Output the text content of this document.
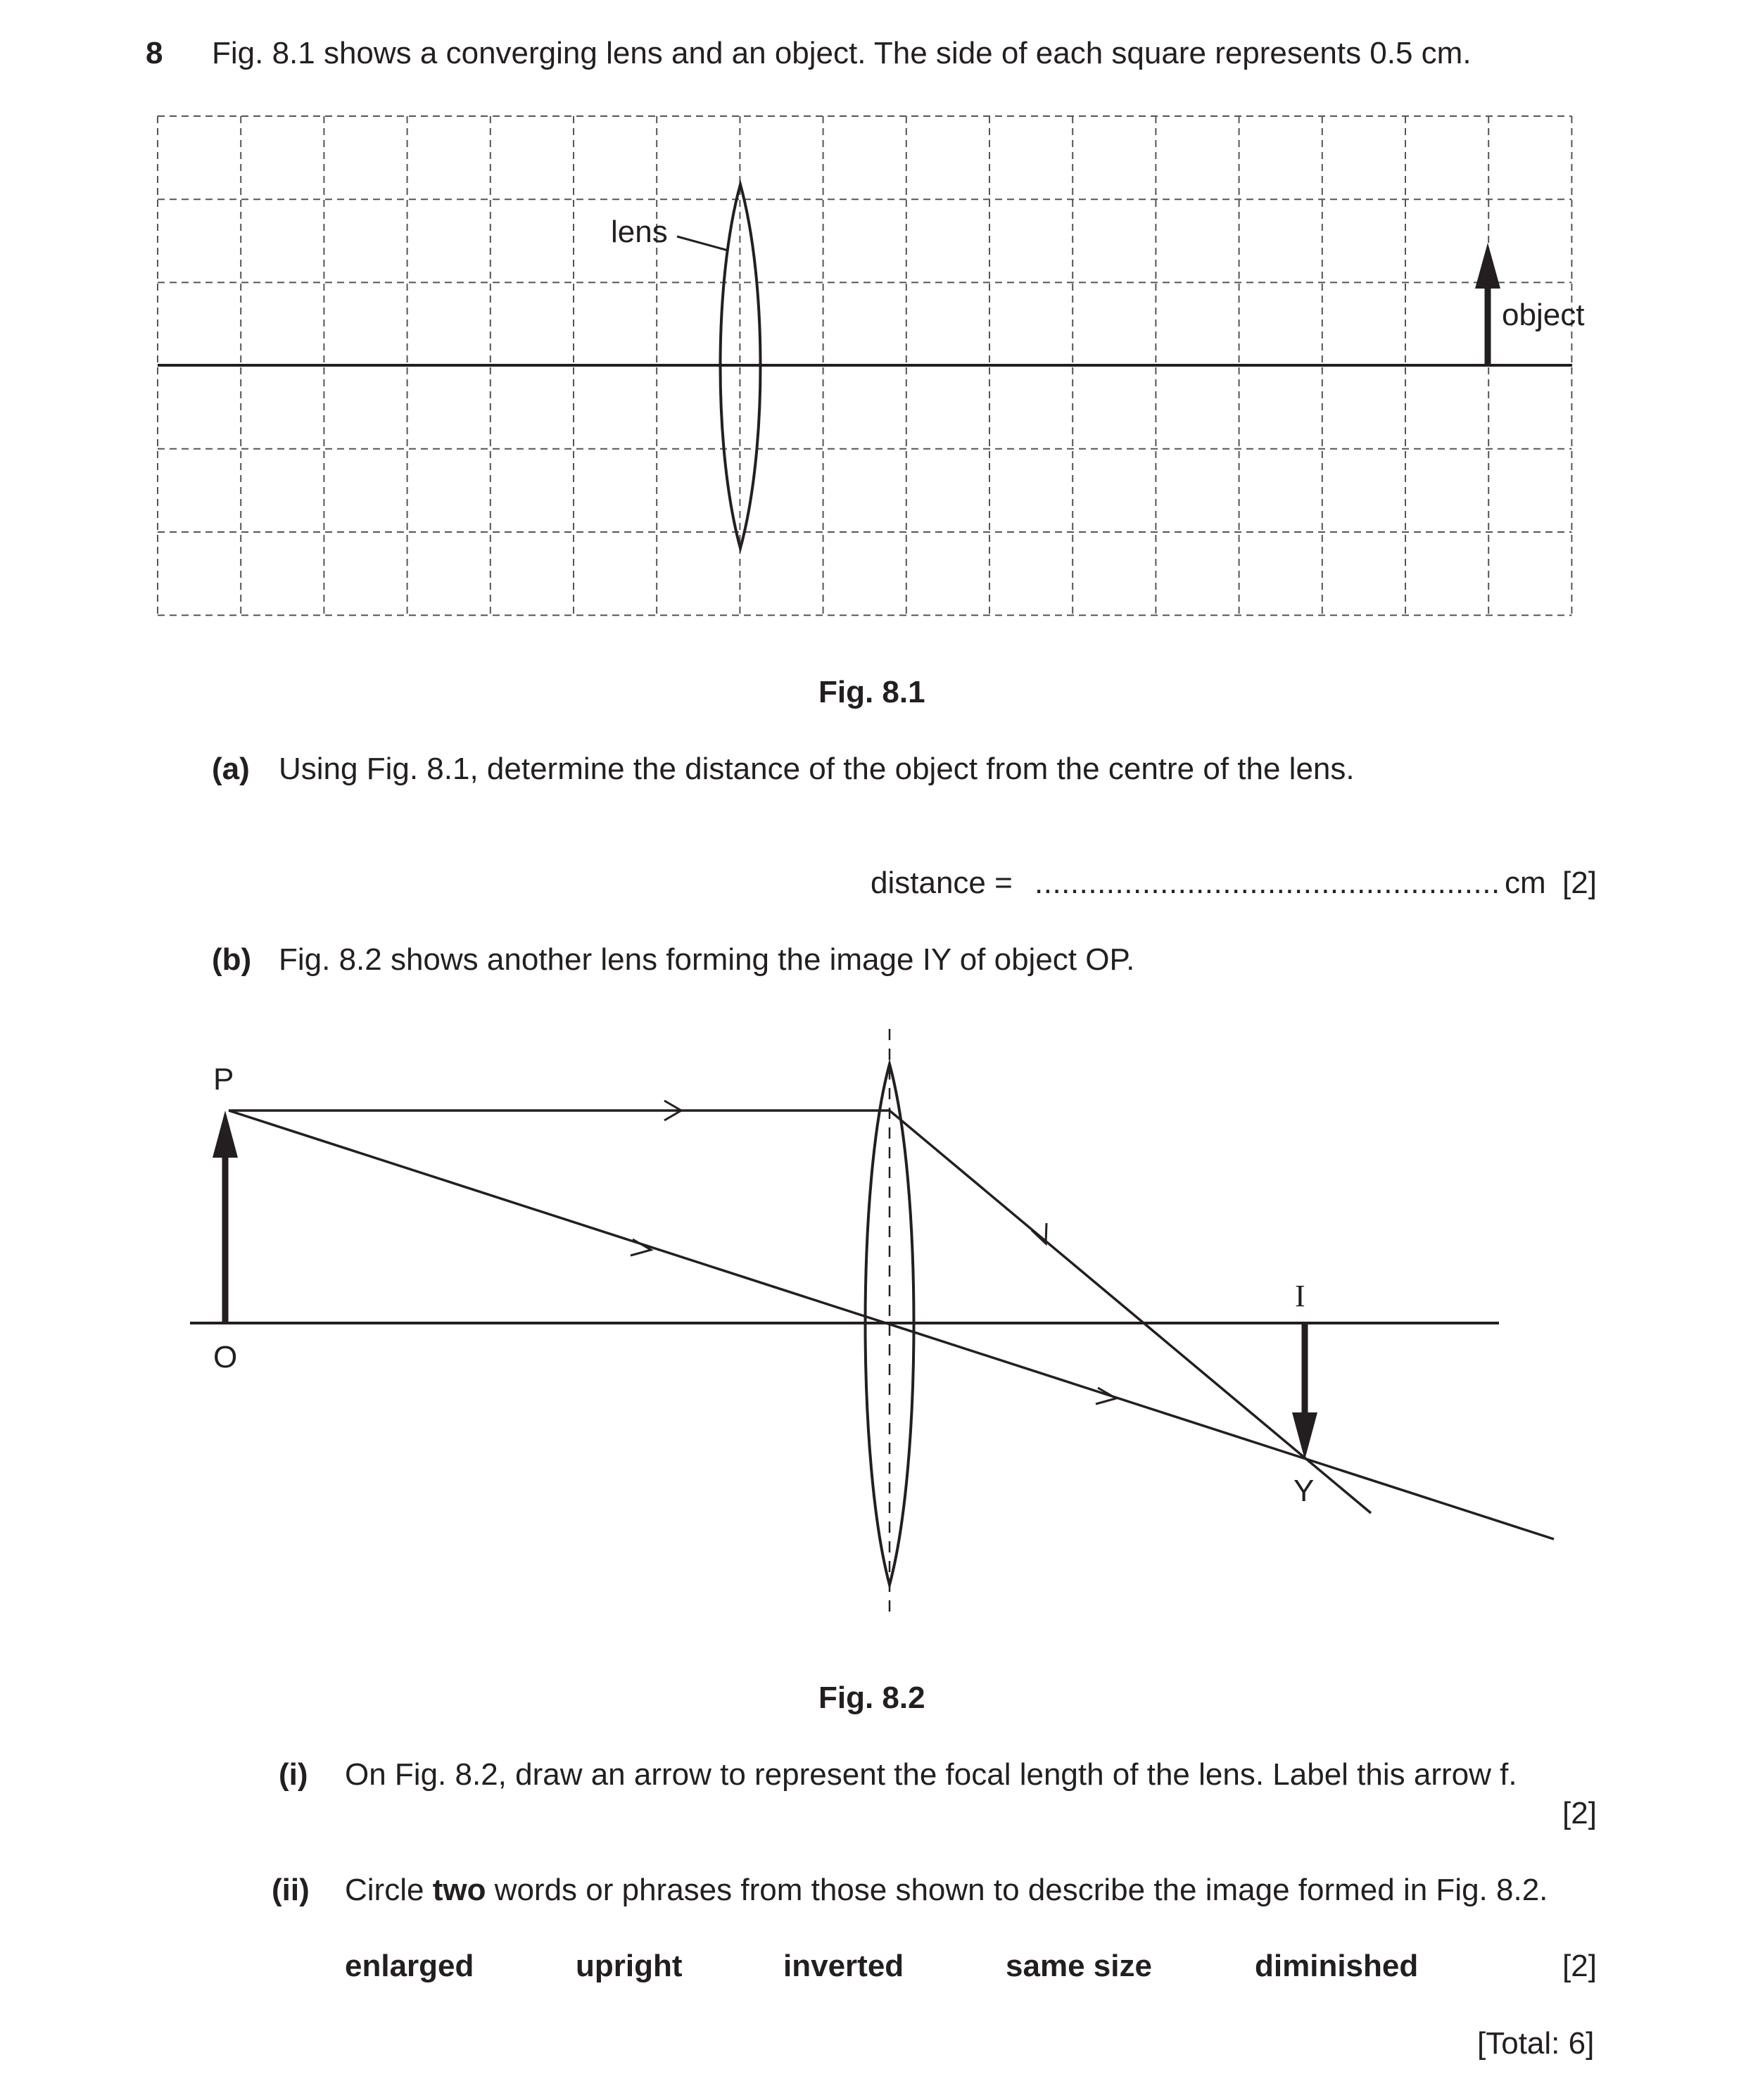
8 Fig. 8.1 shows a converging lens and an object. The side of each square represents 0.5 cm.
lens
object
Fig. 8.1
(a) Using Fig. 8.1, determine the distance of the object from the centre of the lens.
distance = .................................................... cm [2]
(b) Fig. 8.2 shows another lens forming the image IY of object OP.
P
O
I
Y
Fig. 8.2
(i) On Fig. 8.2, draw an arrow to represent the focal length of the lens. Label this arrow f.
[2]
(ii) Circle two words or phrases from those shown to describe the image formed in Fig. 8.2.
enlarged	upright	inverted	same size	diminished	[2]
[Total: 6]
